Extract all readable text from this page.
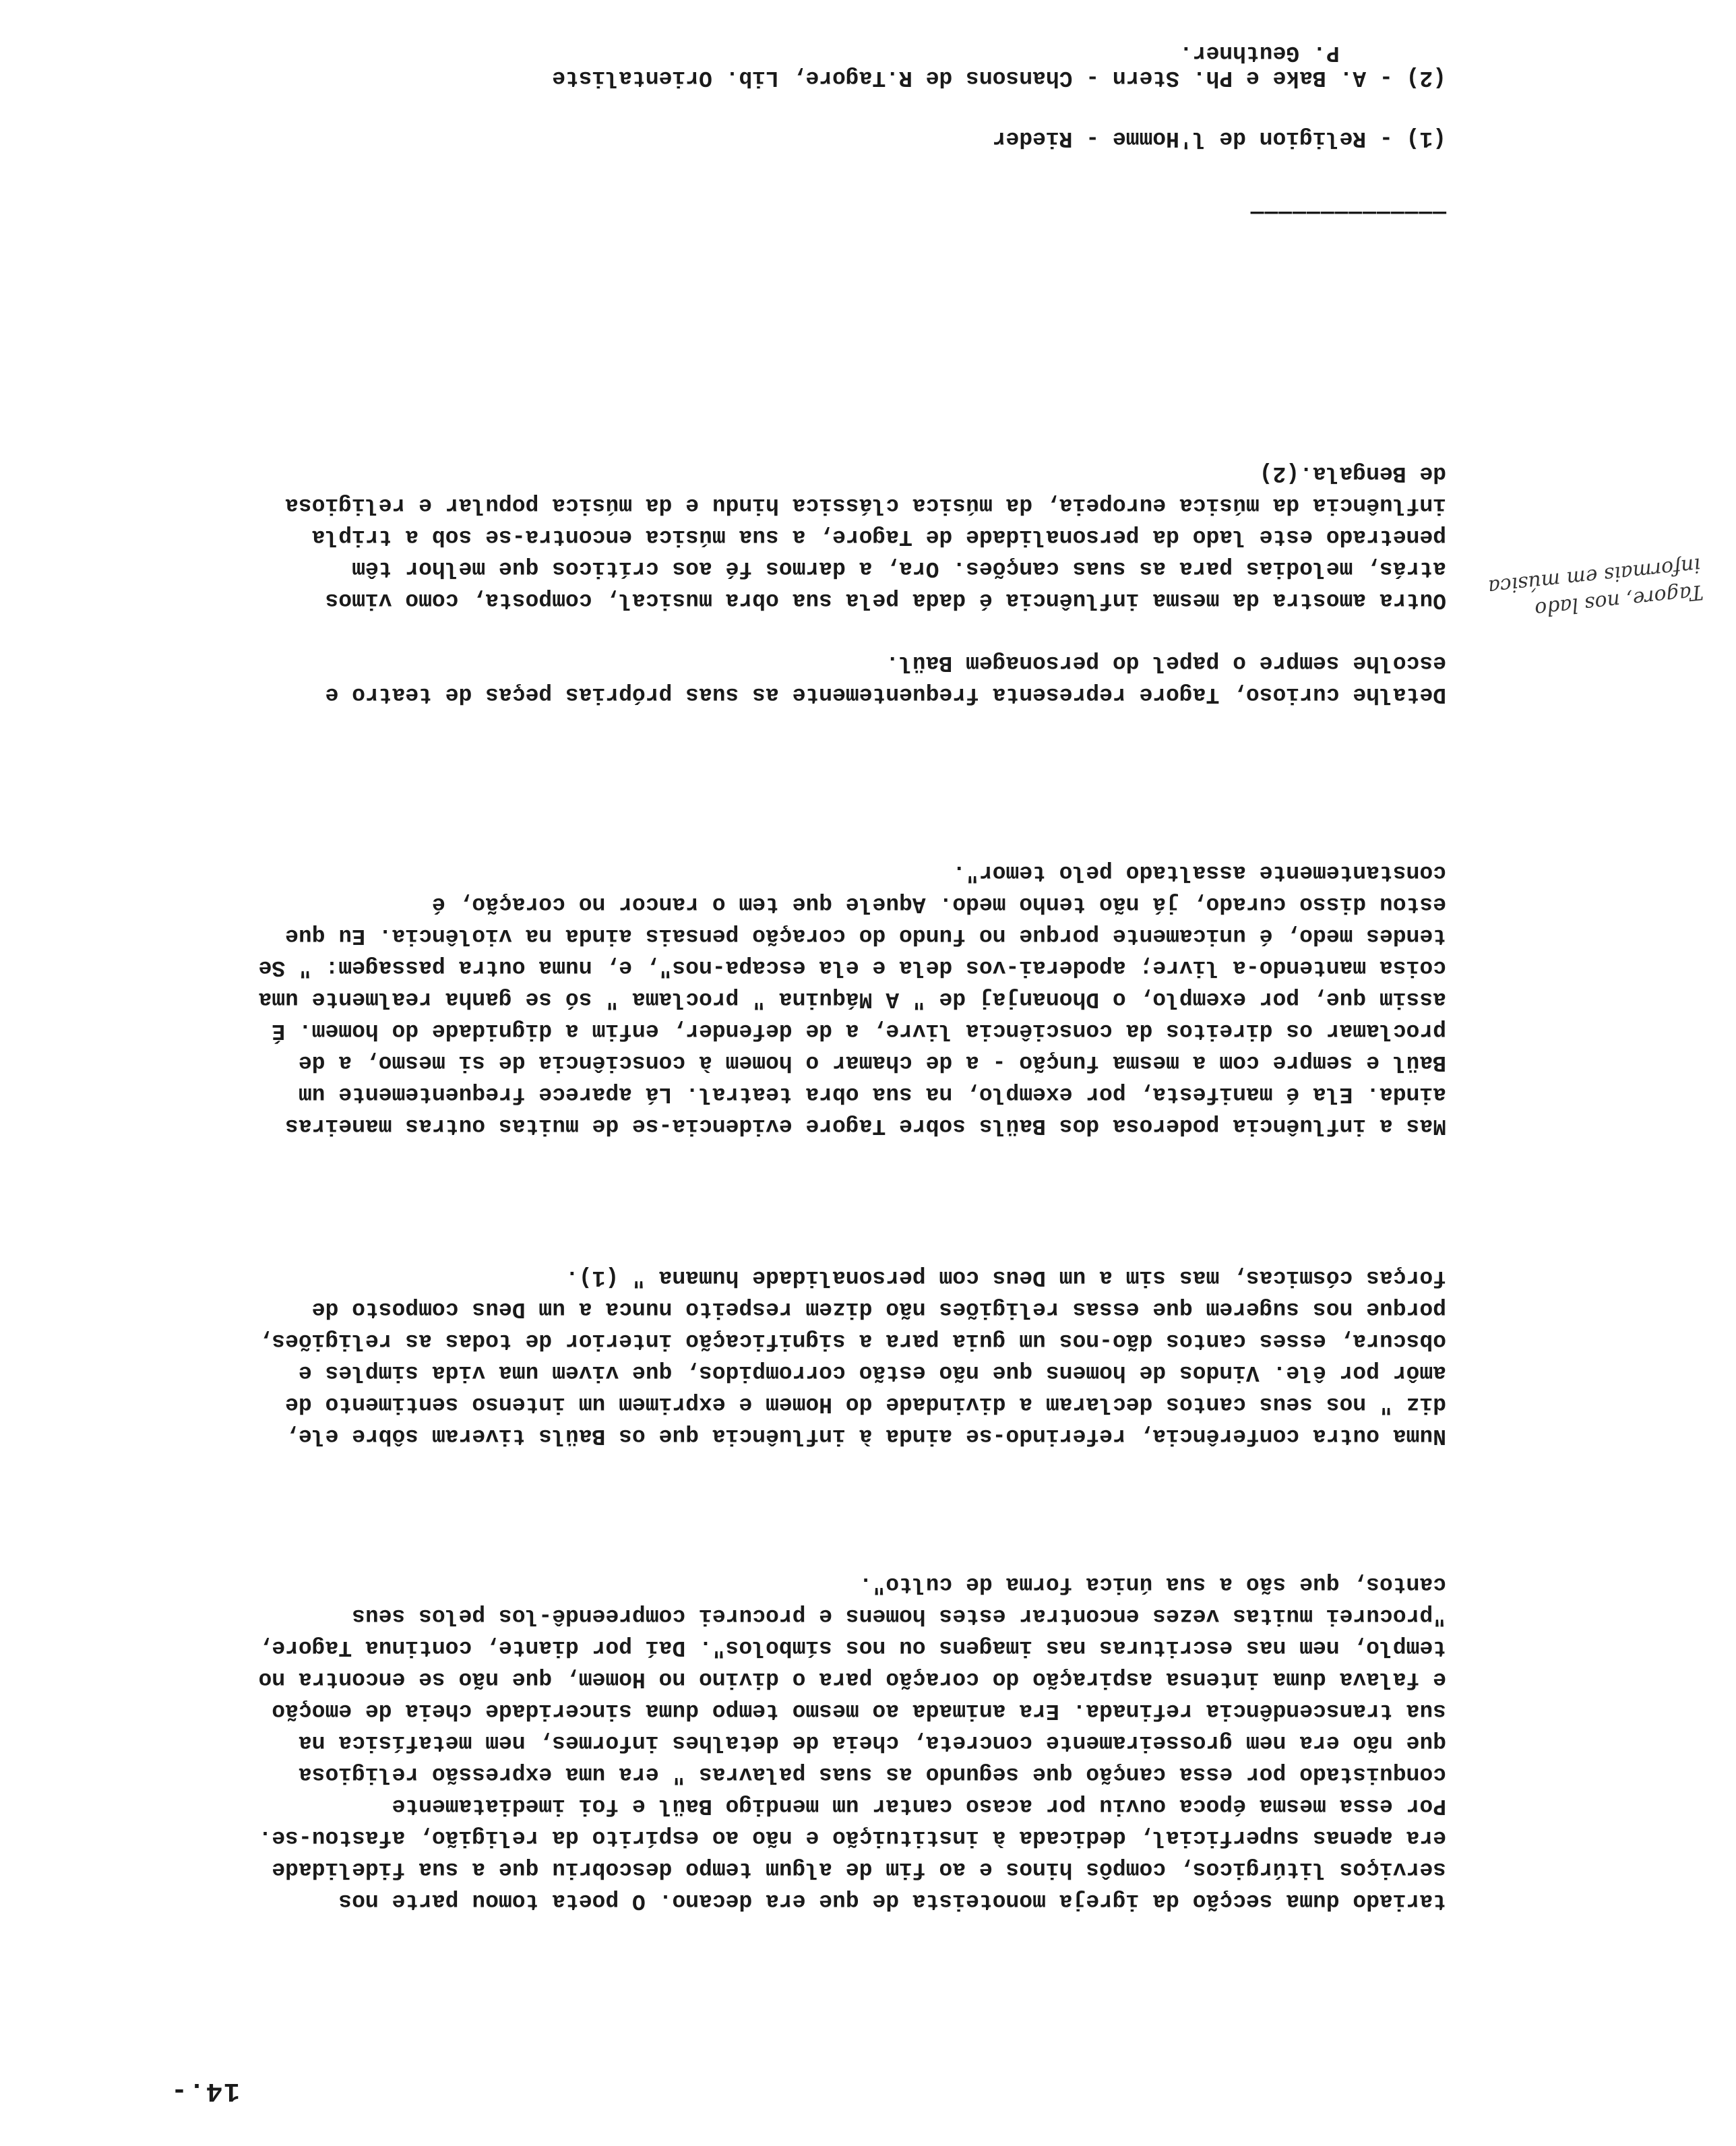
14.-
tariado duma secção da igreja monoteista de que era decano. O poeta tomou parte nos serviços litúrgicos, compôs hinos e ao fim de algum tempo descobriu que a sua fidelidade era apenas superficial, dedicada à instituição e não ao espírito da religião, afastou-se. Por essa mesma época ouviu por acaso cantar um mendigo Baül e foi imediatamente conquistado por essa canção que segundo as suas palavras " era uma expressão religiosa que não era nem grosseiramente concreta, cheia de detalhes informes, nem metafísica na sua transcendência refinada. Era animada ao mesmo tempo duma sinceridade cheia de emoção e falava duma intensa aspiração do coração para o divino no Homem, que não se encontra no templo, nem nas escrituras nas imagens ou nos símbolos". Daí por diante, continua Tagore, "procurei muitas vezes encontrar estes homens e procurei compreendê-los pelos seus cantos, que são a sua única forma de culto".
Numa outra conferência, referindo-se ainda à influência que os Baüls tiveram sôbre ele, diz " nos seus cantos declaram a divindade do Homem e exprimem um intenso sentimento de amôr por êle. Vindos de homens que não estão corrompidos, que vivem uma vida simples e obscura, esses cantos dão-nos um guia para a significação interior de todas as religiões, porque nos sugerem que essas religiões não dizem respeito nunca a um Deus composto de forças cósmicas, mas sim a um Deus com personalidade humana " (1).
Mas a influência poderosa dos Baüls sobre Tagore evidencia-se de muitas outras maneiras ainda. Ela é manifesta, por exemplo, na sua obra teatral. Lá aparece frequentemente um Baül e sempre com a mesma função - a de chamar o homem à consciência de si mesmo, a de proclamar os direitos da consciência livre, a de defender, enfim a dignidade do homem. É assim que, por exemplo, o Dhonanjaj de " A Máquina " proclama " só se ganha realmente uma coisa mantendo-a livre; apoderai-vos dela e ela escapa-nos", e, numa outra passagem: " Se tendes medo, é unicamente porque no fundo do coração pensais ainda na violência. Eu que estou disso curado, já não tenho medo. Aquele que tem o rancor no coração, é constantemente assaltado pelo temor".
Detalhe curioso, Tagore representa frequentemente as suas próprias peças de teatro e escolhe sempre o papel do personagem Baül.
Outra amostra da mesma influência é dada pela sua obra musical, composta, como vimos atrás, melodias para as suas canções. Ora, a darmos fé aos críticos que melhor têm penetrado este lado da personalidade de Tagore, a sua música encontra-se sob a tripla influência da música europeia, da música clássica hindu e da música popular e religiosa de Bengala.(2)
——————————————
(1) - Religion de l'Homme - Rieder
(2) - A. Bake e Ph. Stern - Chansons de R.Tagore, Lib. Orientaliste
P. Geuthner.
Tagore, nos lado informais em música
